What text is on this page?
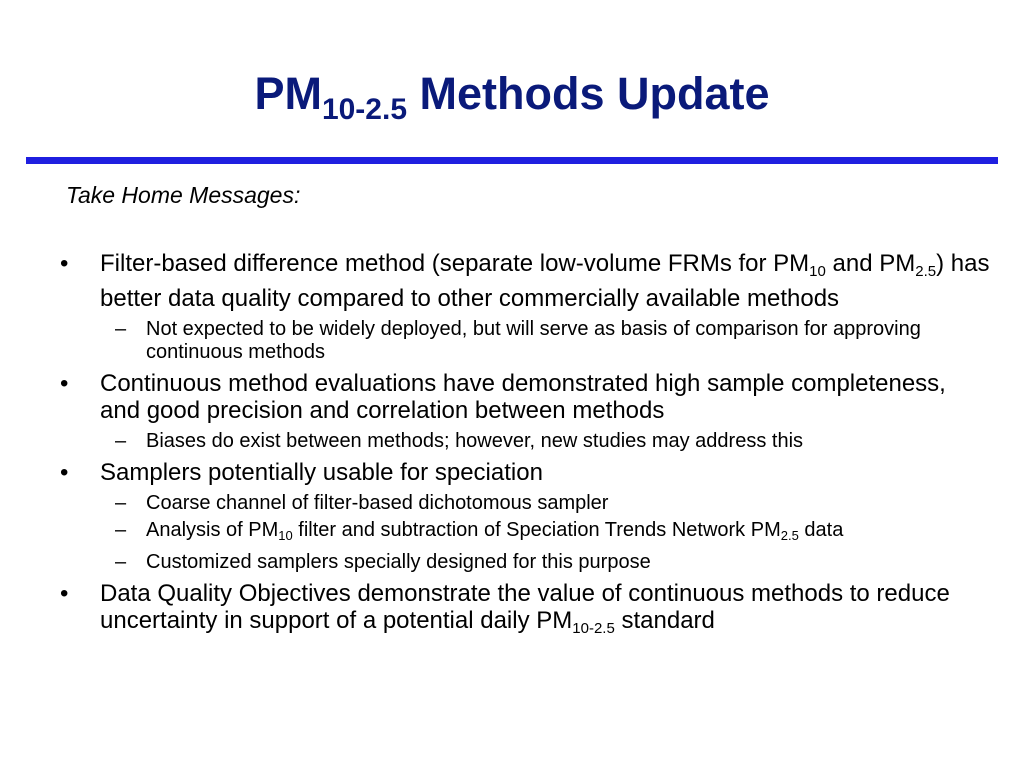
$PM_{10-2.5}$ Methods Update

Take Home Messages:

• Filter-based difference method (separate low-volume FRMs for $PM_{10}$ and $PM_{2.5}$) has better data quality compared to other commercially available methods
– Not expected to be widely deployed, but will serve as basis of comparison for approving continuous methods
• Continuous method evaluations have demonstrated high sample completeness, and good precision and correlation between methods
– Biases do exist between methods; however, new studies may address this
• Samplers potentially usable for speciation
– Coarse channel of filter-based dichotomous sampler
– Analysis of $PM_{10}$ filter and subtraction of Speciation Trends Network $PM_{2.5}$ data
– Customized samplers specially designed for this purpose
• Data Quality Objectives demonstrate the value of continuous methods to reduce uncertainty in support of a potential daily $PM_{10-2.5}$ standard
